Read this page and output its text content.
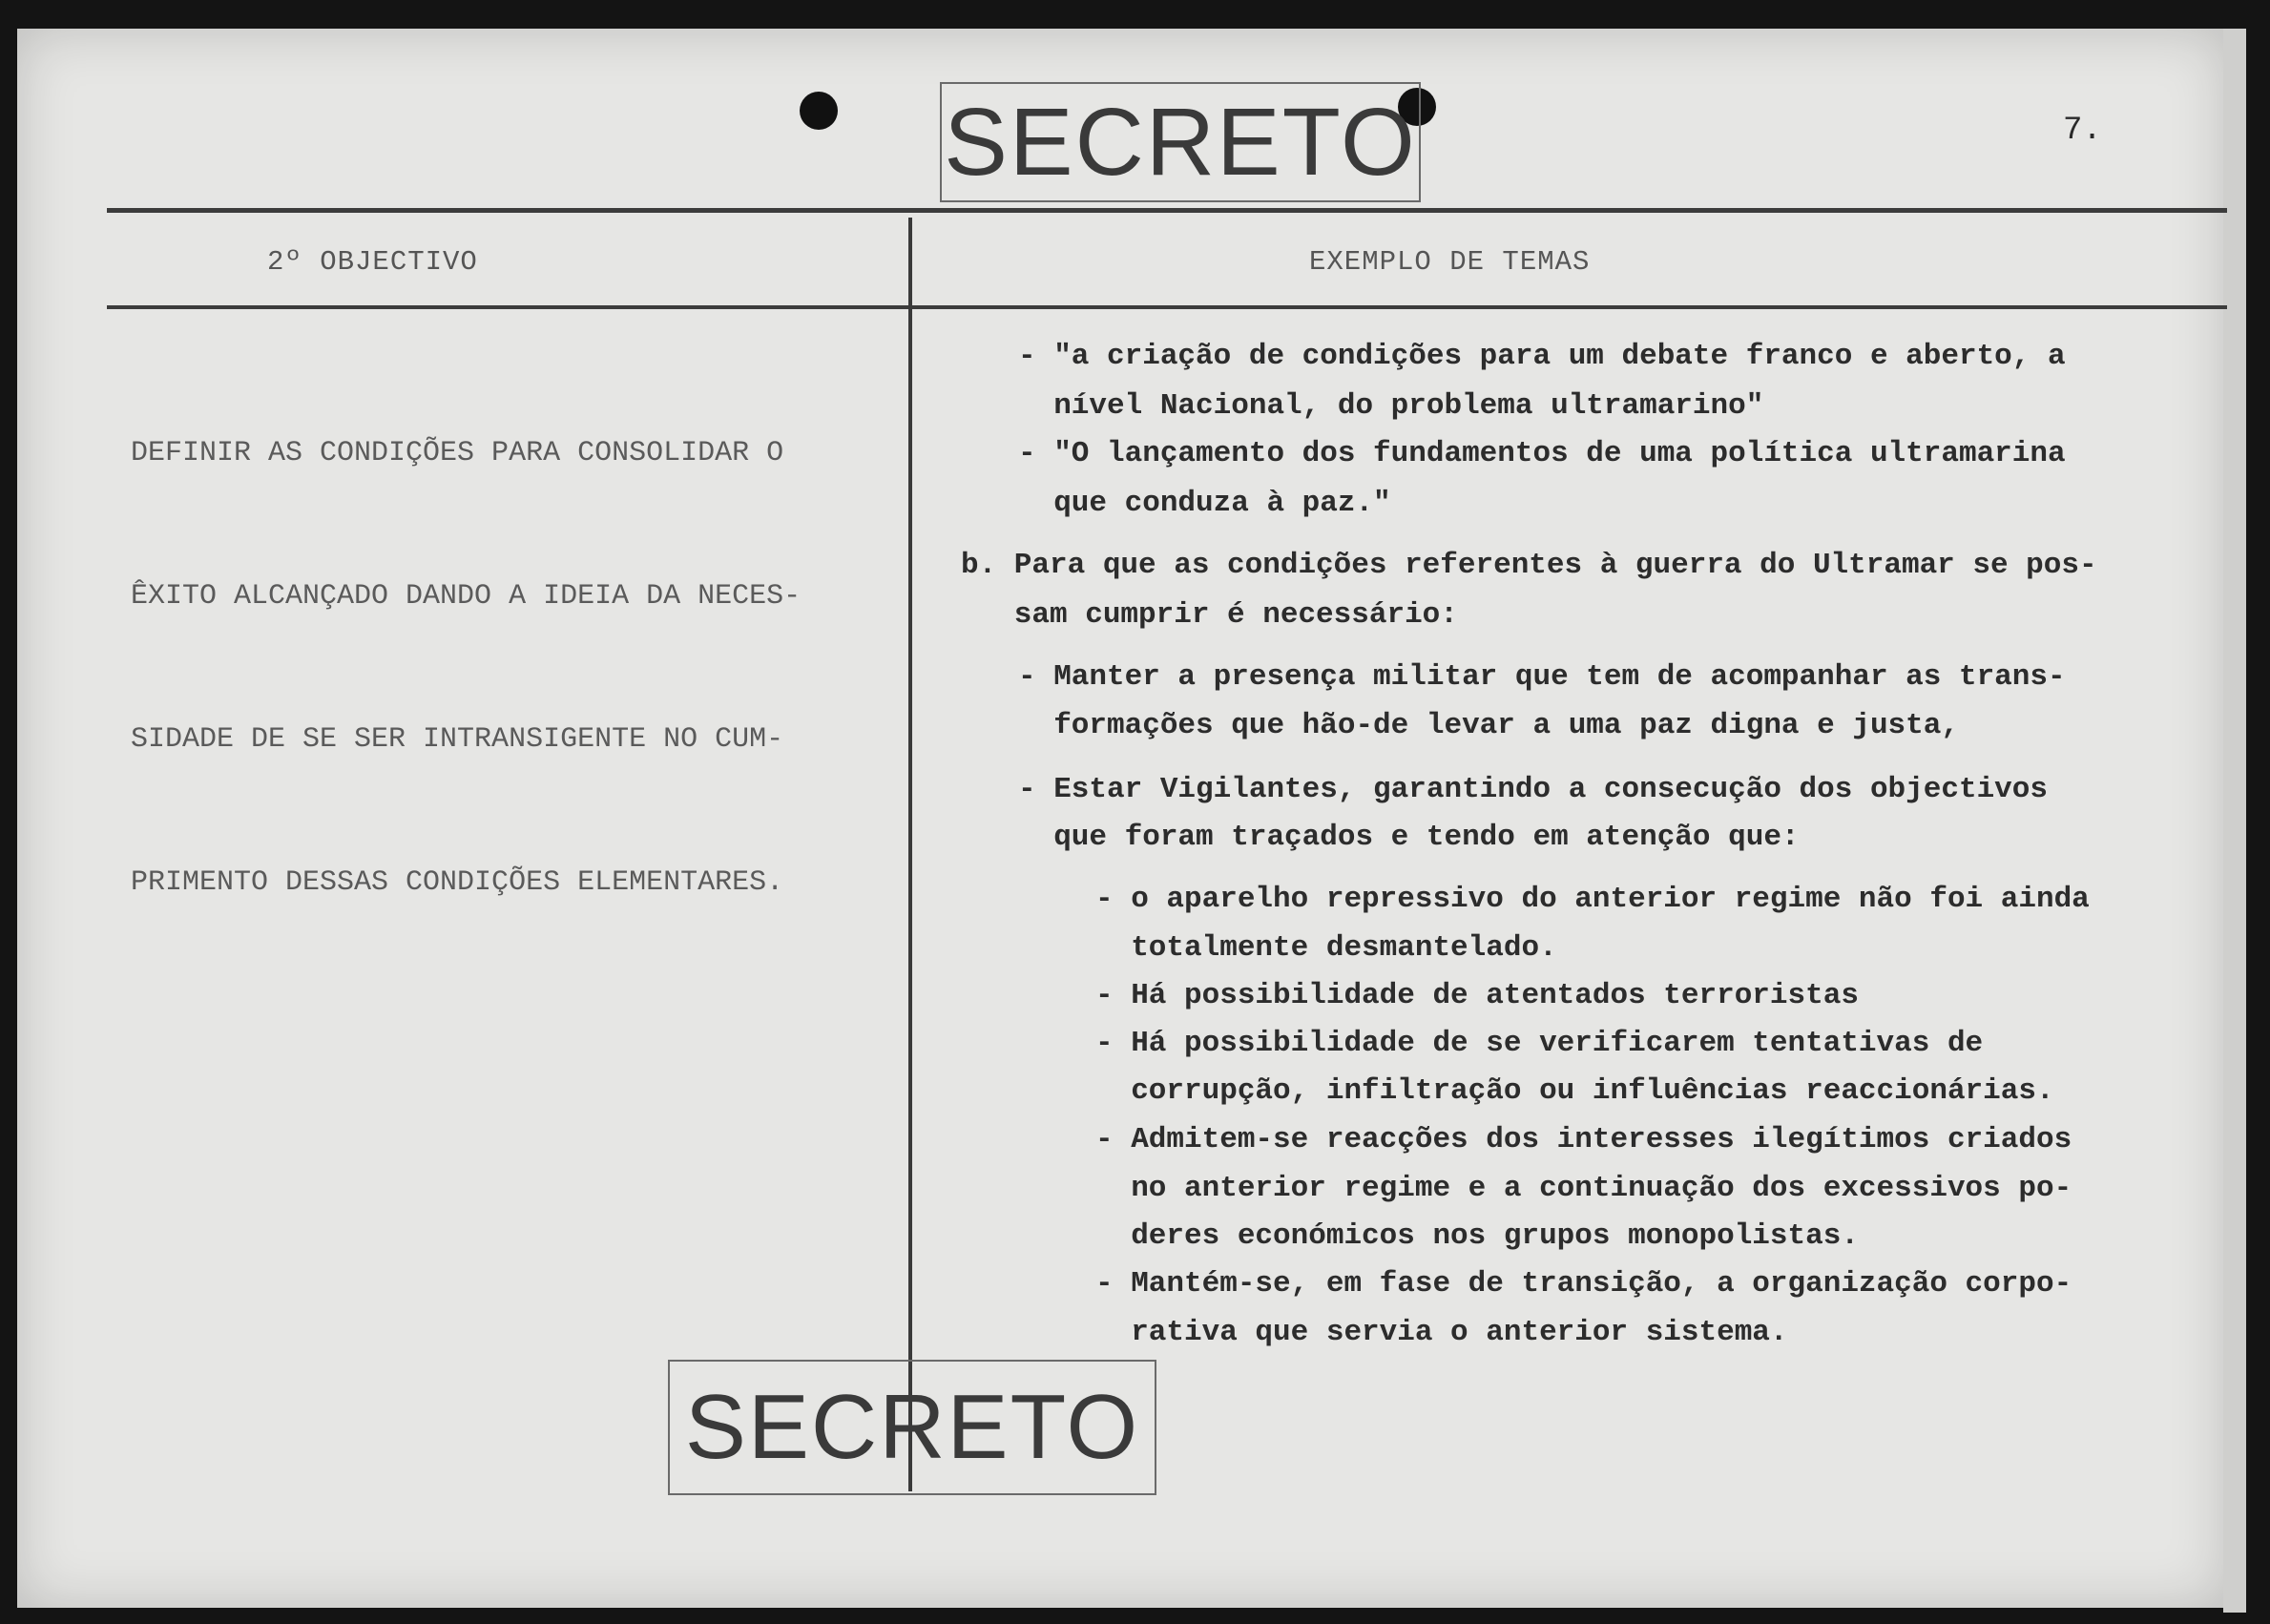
SECRETO	7.
2º OBJECTIVO	EXEMPLO DE TEMAS

DEFINIR AS CONDIÇÕES PARA CONSOLIDAR O

ÊXITO ALCANÇADO DANDO A IDEIA DA NECES-

SIDADE DE SE SER INTRANSIGENTE NO CUM-

PRIMENTO DESSAS CONDIÇÕES ELEMENTARES.

- "a criação de condições para um debate franco e aberto, a
nível Nacional, do problema ultramarino"
- "O lançamento dos fundamentos de uma política ultramarina
que conduza à paz."
b. Para que as condições referentes à guerra do Ultramar se pos-
sam cumprir é necessário:
- Manter a presença militar que tem de acompanhar as trans-
formações que hão-de levar a uma paz digna e justa,
- Estar Vigilantes, garantindo a consecução dos objectivos
que foram traçados e tendo em atenção que:
- o aparelho repressivo do anterior regime não foi ainda
totalmente desmantelado.
- Há possibilidade de atentados terroristas
- Há possibilidade de se verificarem tentativas de
corrupção, infiltração ou influências reaccionárias.
- Admitem-se reacções dos interesses ilegítimos criados
no anterior regime e a continuação dos excessivos po-
deres económicos nos grupos monopolistas.
- Mantém-se, em fase de transição, a organização corpo-
rativa que servia o anterior sistema.
SECRETO
